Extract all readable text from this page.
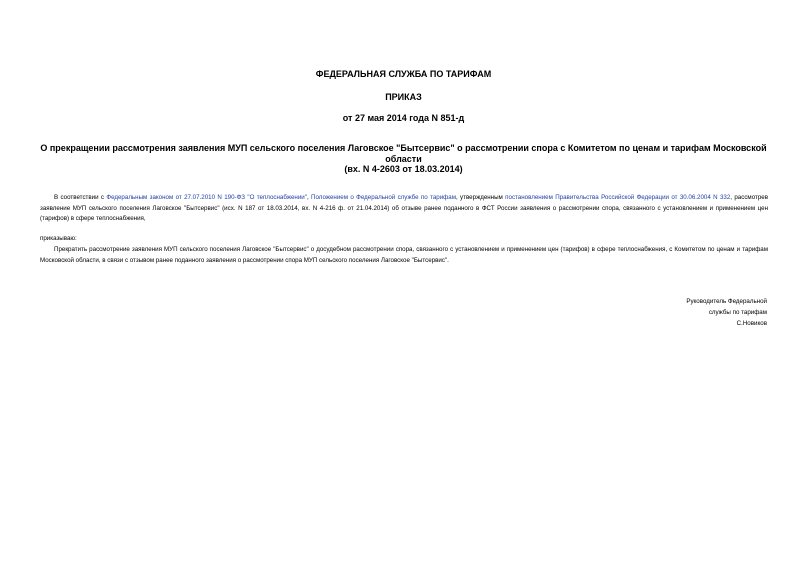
ФЕДЕРАЛЬНАЯ СЛУЖБА ПО ТАРИФАМ
ПРИКАЗ
от 27 мая 2014 года N 851-д
О прекращении рассмотрения заявления МУП сельского поселения Лаговское "Бытсервис" о рассмотрении спора с Комитетом по ценам и тарифам Московской области
(вх. N 4-2603 от 18.03.2014)
В соответствии с Федеральным законом от 27.07.2010 N 190-ФЗ "О теплоснабжении", Положением о Федеральной службе по тарифам, утвержденным постановлением Правительства Российской Федерации от 30.06.2004 N 332, рассмотрев заявление МУП сельского поселения Лаговское "Бытсервис" (исх. N 187 от 18.03.2014, вх. N 4-216 ф. от 21.04.2014) об отзыве ранее поданного в ФСТ России заявления о рассмотрении спора, связанного с установлением и применением цен (тарифов) в сфере теплоснабжения,
приказываю:
Прекратить рассмотрение заявления МУП сельского поселения Лаговское "Бытсервис" о досудебном рассмотрении спора, связанного с установлением и применением цен (тарифов) в сфере теплоснабжения, с Комитетом по ценам и тарифам Московской области, в связи с отзывом ранее поданного заявления о рассмотрении спора МУП сельского поселения Лаговское "Бытсервис".
Руководитель Федеральной
службы по тарифам
С.Новиков
